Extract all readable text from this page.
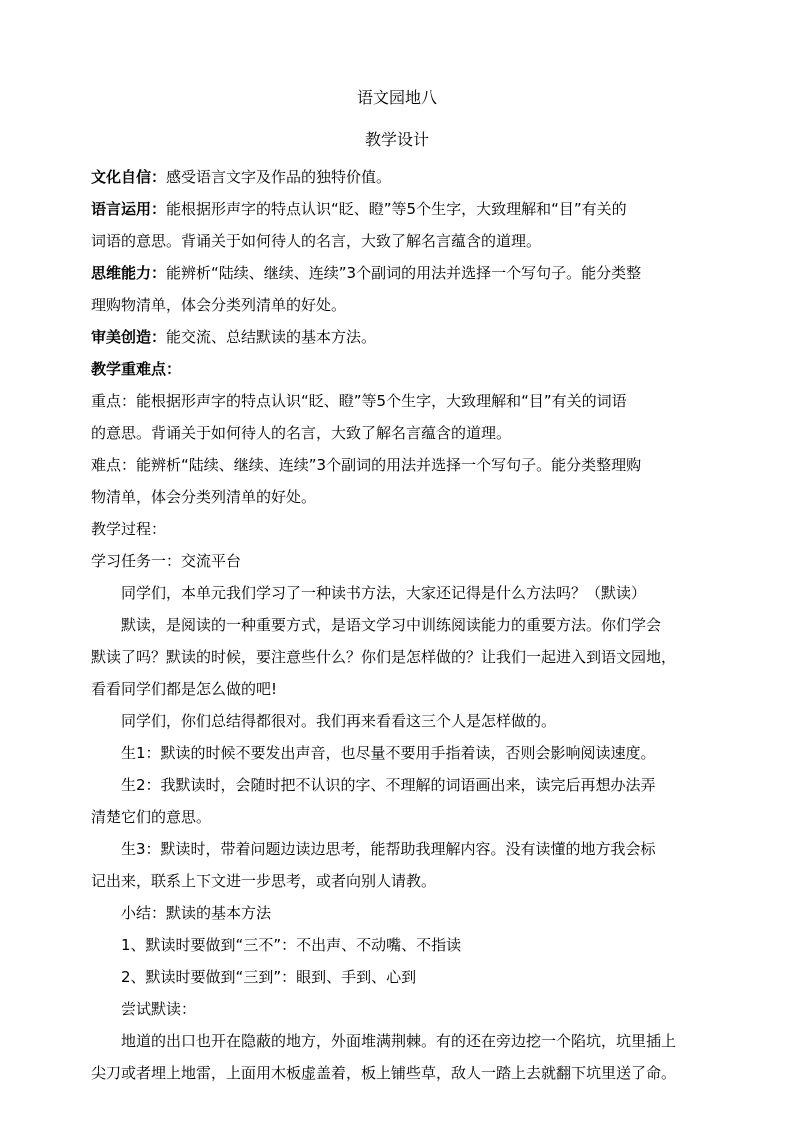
语文园地八
教学设计

文化自信：感受语言文字及作品的独特价值。

语言运用：能根据形声字的特点认识“眨、瞪”等5个生字，大致理解和“目”有关的

词语的意思。背诵关于如何待人的名言，大致了解名言蕴含的道理。

思维能力：能辨析“陆续、继续、连续”3个副词的用法并选择一个写句子。能分类整

理购物清单，体会分类列清单的好处。

审美创造：能交流、总结默读的基本方法。

教学重难点：

重点：能根据形声字的特点认识“眨、瞪”等5个生字，大致理解和“目”有关的词语

的意思。背诵关于如何待人的名言，大致了解名言蕴含的道理。

难点：能辨析“陆续、继续、连续”3个副词的用法并选择一个写句子。能分类整理购

物清单，体会分类列清单的好处。

教学过程：

学习任务一：交流平台

同学们，本单元我们学习了一种读书方法，大家还记得是什么方法吗？（默读）

默读，是阅读的一种重要方式，是语文学习中训练阅读能力的重要方法。你们学会

默读了吗？默读的时候，要注意些什么？你们是怎样做的？让我们一起进入到语文园地，

看看同学们都是怎么做的吧!

同学们，你们总结得都很对。我们再来看看这三个人是怎样做的。

生1：默读的时候不要发出声音，也尽量不要用手指着读，否则会影响阅读速度。

生2：我默读时，会随时把不认识的字、不理解的词语画出来，读完后再想办法弄

清楚它们的意思。

生3：默读时，带着问题边读边思考，能帮助我理解内容。没有读懂的地方我会标

记出来，联系上下文进一步思考，或者向别人请教。

小结：默读的基本方法

1、默读时要做到“三不”：不出声、不动嘴、不指读

2、默读时要做到“三到”：眼到、手到、心到

尝试默读：

地道的出口也开在隐蔽的地方，外面堆满荆棘。有的还在旁边挖一个陷坑，坑里插上

尖刀或者埋上地雷，上面用木板虚盖着，板上铺些草，敌人一踏上去就翻下坑里送了命。
